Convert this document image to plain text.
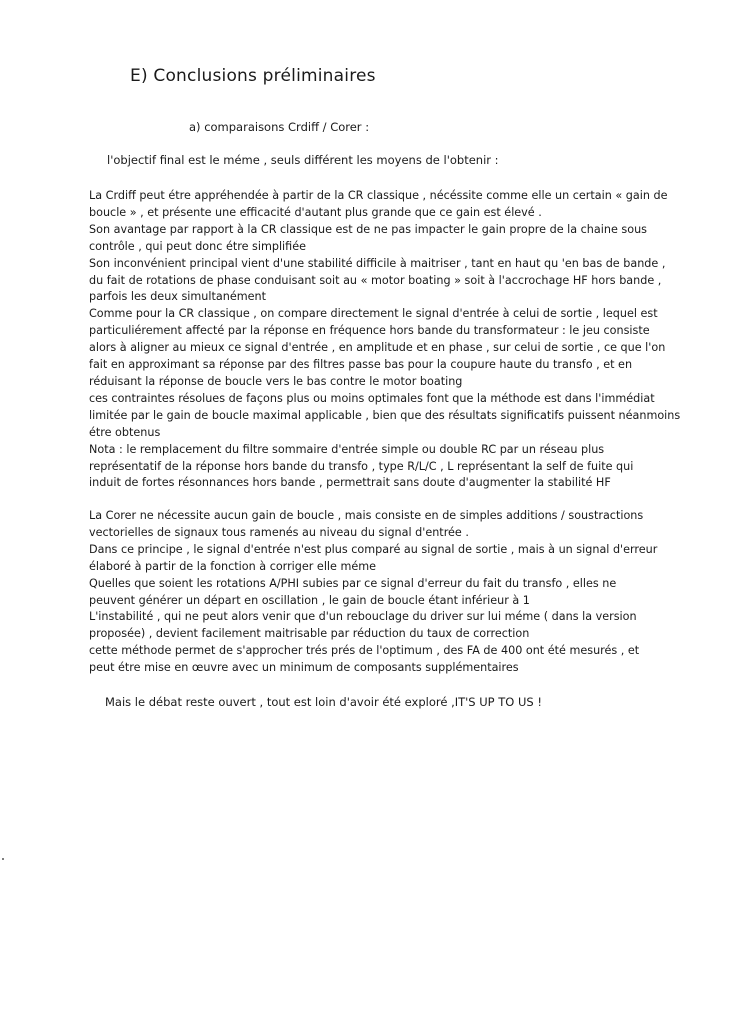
E) Conclusions préliminaires
a) comparaisons Crdiff / Corer :
l'objectif final est le méme , seuls différent les moyens de l'obtenir :
La Crdiff peut étre appréhendée à partir de la CR classique , nécéssite comme elle un certain « gain de
boucle » , et présente une efficacité d'autant plus grande que ce gain est élevé .
Son avantage par rapport à la CR classique est de ne pas impacter le gain propre de la chaine sous
contrôle , qui peut donc étre simplifiée
Son inconvénient principal vient d'une stabilité difficile à maitriser , tant en haut qu 'en bas de bande ,
du fait de rotations de phase conduisant soit au « motor boating » soit à l'accrochage HF hors bande ,
parfois les deux simultanément
Comme pour la CR classique , on compare directement le signal d'entrée à celui de sortie , lequel est
particuliérement affecté par la réponse en fréquence hors bande du transformateur : le jeu consiste
alors à aligner au mieux ce signal d'entrée , en amplitude et en phase , sur celui de sortie , ce que l'on
fait en approximant sa réponse par des filtres passe bas pour la coupure haute du transfo , et en
réduisant la réponse de boucle vers le bas contre le motor boating
ces contraintes résolues de façons plus ou moins optimales font que la méthode est dans l'immédiat
limitée par le gain de boucle maximal applicable , bien que des résultats significatifs puissent néanmoins
étre obtenus
Nota : le remplacement du filtre sommaire d'entrée simple ou double RC par un réseau plus
représentatif de la réponse hors bande du transfo , type R/L/C , L représentant la self de fuite qui
induit de fortes résonnances hors bande , permettrait sans doute d'augmenter la stabilité HF
La Corer ne nécessite aucun gain de boucle , mais consiste en de simples additions / soustractions
vectorielles de signaux tous ramenés au niveau du signal d'entrée .
Dans ce principe , le signal d'entrée n'est plus comparé au signal de sortie , mais à un signal d'erreur
élaboré à partir de la fonction à corriger elle méme
Quelles que soient les rotations A/PHI subies par ce signal d'erreur du fait du transfo , elles ne
peuvent générer un départ en oscillation , le gain de boucle étant inférieur à 1
L'instabilité , qui ne peut alors venir que d'un rebouclage du driver sur lui méme ( dans la version
proposée) , devient facilement maitrisable par réduction du taux de correction
cette méthode permet de s'approcher trés prés de l'optimum , des FA de 400 ont été mesurés , et
peut étre mise en œuvre avec un minimum de composants supplémentaires
Mais le débat reste ouvert , tout est loin d'avoir été exploré ,IT'S UP TO US !
